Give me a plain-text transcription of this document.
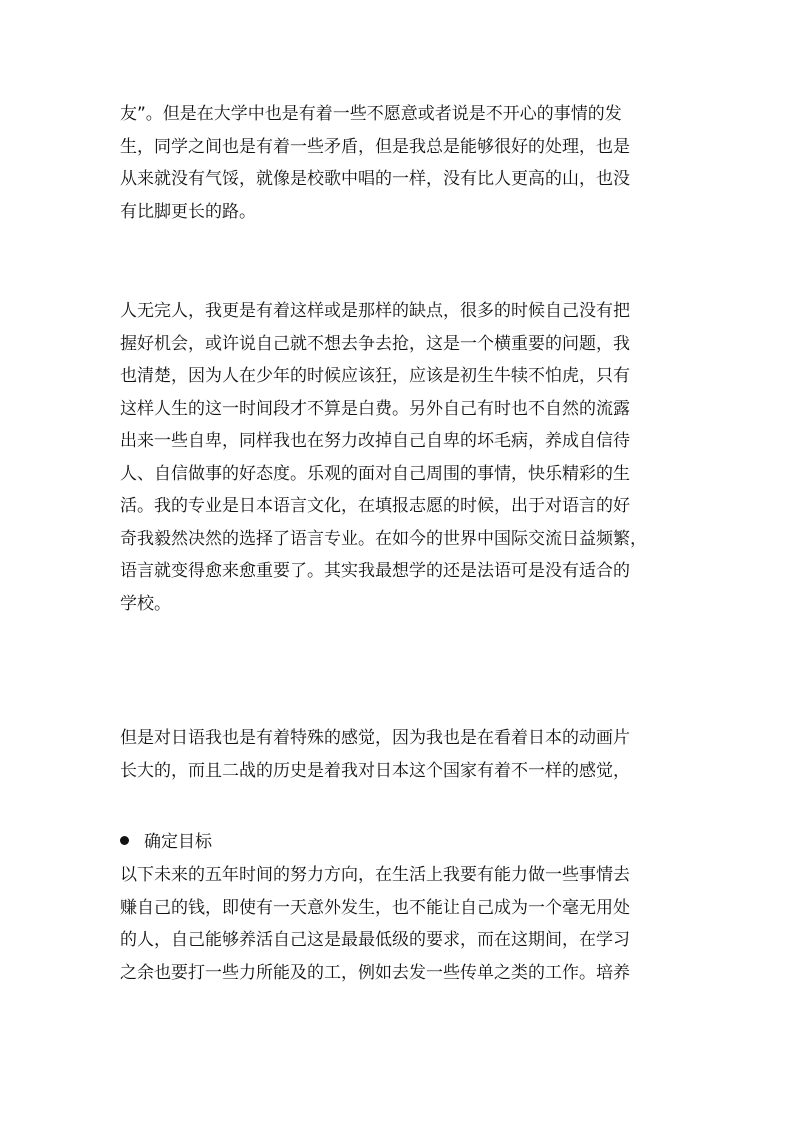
友”。但是在大学中也是有着一些不愿意或者说是不开心的事情的发
生，同学之间也是有着一些矛盾，但是我总是能够很好的处理，也是
从来就没有气馁，就像是校歌中唱的一样，没有比人更高的山，也没
有比脚更长的路。
人无完人，我更是有着这样或是那样的缺点，很多的时候自己没有把
握好机会，或许说自己就不想去争去抢，这是一个横重要的问题，我
也清楚，因为人在少年的时候应该狂，应该是初生牛犊不怕虎，只有
这样人生的这一时间段才不算是白费。另外自己有时也不自然的流露
出来一些自卑，同样我也在努力改掉自己自卑的坏毛病，养成自信待
人、自信做事的好态度。乐观的面对自己周围的事情，快乐精彩的生
活。我的专业是日本语言文化，在填报志愿的时候，出于对语言的好
奇我毅然决然的选择了语言专业。在如今的世界中国际交流日益频繁，
语言就变得愈来愈重要了。其实我最想学的还是法语可是没有适合的
学校。
但是对日语我也是有着特殊的感觉，因为我也是在看着日本的动画片
长大的，而且二战的历史是着我对日本这个国家有着不一样的感觉，
确定目标
以下未来的五年时间的努力方向，在生活上我要有能力做一些事情去
赚自己的钱，即使有一天意外发生，也不能让自己成为一个毫无用处
的人，自己能够养活自己这是最最低级的要求，而在这期间，在学习
之余也要打一些力所能及的工，例如去发一些传单之类的工作。培养
